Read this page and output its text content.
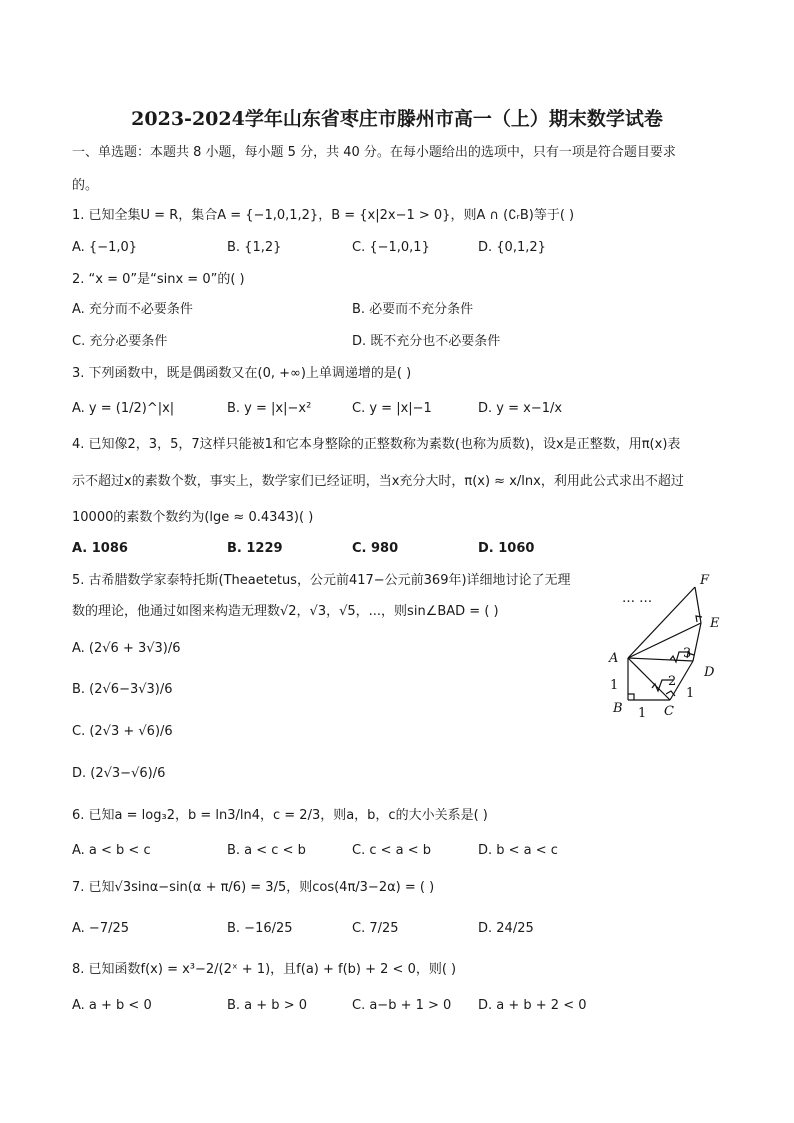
2023-2024学年山东省枣庄市滕州市高一（上）期末数学试卷
一、单选题：本题共 8 小题，每小题 5 分，共 40 分。在每小题给出的选项中，只有一项是符合题目要求
的。
1. 已知全集U = R，集合A = {−1,0,1,2}，B = {x|2x−1 > 0}，则A ∩ (∁ᵣB)等于( )
A. {−1,0}	B. {1,2}	C. {−1,0,1}	D. {0,1,2}
2. “x = 0”是“sinx = 0”的( )
A. 充分而不必要条件	B. 必要而不充分条件
C. 充分必要条件	D. 既不充分也不必要条件
3. 下列函数中，既是偶函数又在(0, +∞)上单调递增的是( )
A. y = (1/2)^|x|	B. y = |x|−x²	C. y = |x|−1	D. y = x−1/x
4. 已知像2，3，5，7这样只能被1和它本身整除的正整数称为素数(也称为质数)，设x是正整数，用π(x)表
示不超过x的素数个数，事实上，数学家们已经证明，当x充分大时，π(x) ≈ x/lnx，利用此公式求出不超过
10000的素数个数约为(lge ≈ 0.4343)( )
A. 1086	B. 1229	C. 980	D. 1060
5. 古希腊数学家泰特托斯(Theaetetus，公元前417−公元前369年)详细地讨论了无理
数的理论，他通过如图来构造无理数√2，√3，√5，...，则sin∠BAD = ( )
A. (2√6 + 3√3)/6
B. (2√6−3√3)/6
C. (2√3 + √6)/6
D. (2√3−√6)/6
F
E
A
D
B	C
1
1
1
2
3
… …
6. 已知a = log₃2，b = ln3/ln4，c = 2/3，则a，b，c的大小关系是( )
A. a < b < c	B. a < c < b	C. c < a < b	D. b < a < c
7. 已知√3sinα−sin(α + π/6) = 3/5，则cos(4π/3−2α) = ( )
A. −7/25	B. −16/25	C. 7/25	D. 24/25
8. 已知函数f(x) = x³−2/(2ˣ + 1)，且f(a) + f(b) + 2 < 0，则( )
A. a + b < 0	B. a + b > 0	C. a−b + 1 > 0 D. a + b + 2 < 0
